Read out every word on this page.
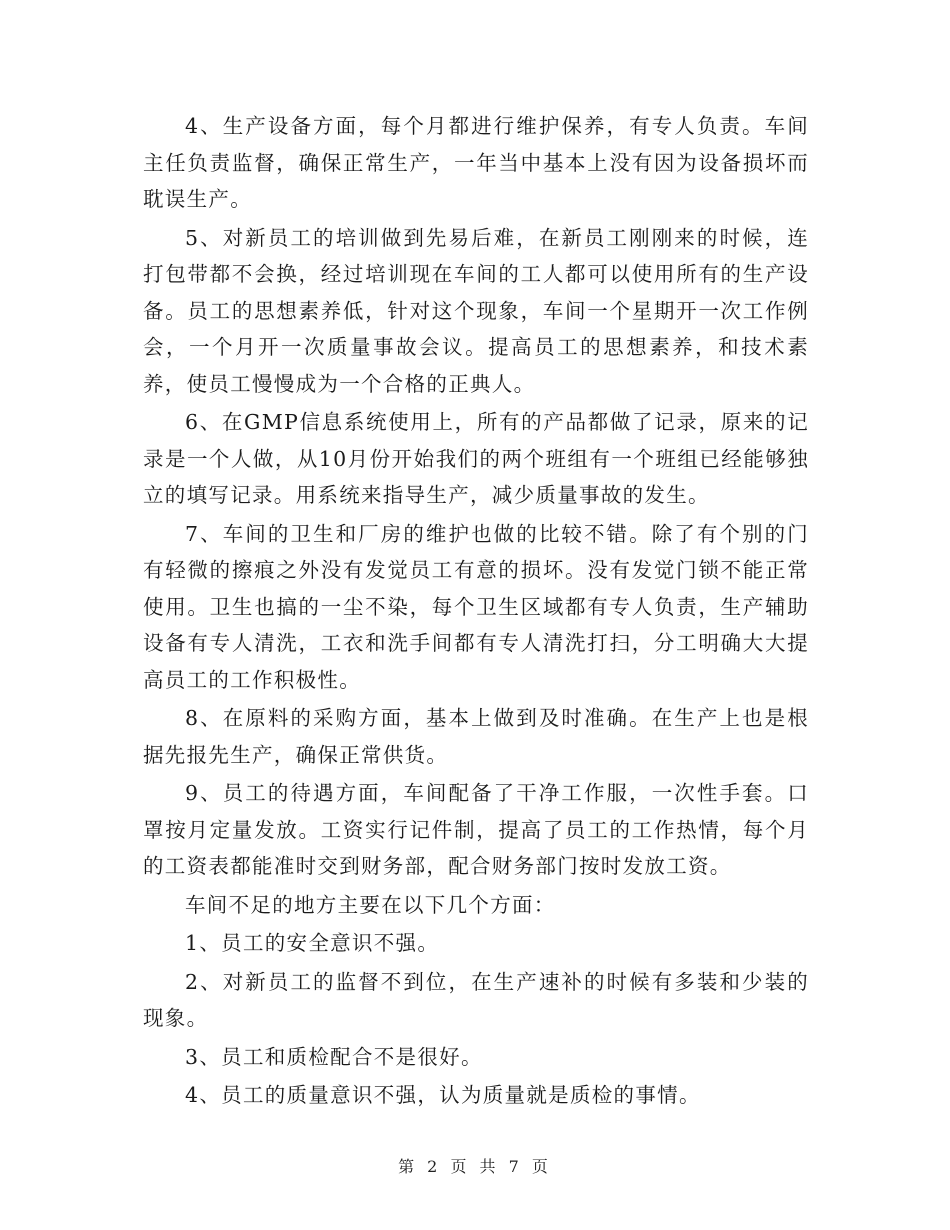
4、生产设备方面，每个月都进行维护保养，有专人负责。车间主任负责监督，确保正常生产，一年当中基本上没有因为设备损坏而耽误生产。

5、对新员工的培训做到先易后难，在新员工刚刚来的时候，连打包带都不会换，经过培训现在车间的工人都可以使用所有的生产设备。员工的思想素养低，针对这个现象，车间一个星期开一次工作例会，一个月开一次质量事故会议。提高员工的思想素养，和技术素养，使员工慢慢成为一个合格的正典人。

6、在GMP信息系统使用上，所有的产品都做了记录，原来的记录是一个人做，从10月份开始我们的两个班组有一个班组已经能够独立的填写记录。用系统来指导生产，减少质量事故的发生。

7、车间的卫生和厂房的维护也做的比较不错。除了有个别的门有轻微的擦痕之外没有发觉员工有意的损坏。没有发觉门锁不能正常使用。卫生也搞的一尘不染，每个卫生区域都有专人负责，生产辅助设备有专人清洗，工衣和洗手间都有专人清洗打扫，分工明确大大提高员工的工作积极性。

8、在原料的采购方面，基本上做到及时准确。在生产上也是根据先报先生产，确保正常供货。

9、员工的待遇方面，车间配备了干净工作服，一次性手套。口罩按月定量发放。工资实行记件制，提高了员工的工作热情，每个月的工资表都能准时交到财务部，配合财务部门按时发放工资。

车间不足的地方主要在以下几个方面：

1、员工的安全意识不强。

2、对新员工的监督不到位，在生产速补的时候有多装和少装的现象。

3、员工和质检配合不是很好。

4、员工的质量意识不强，认为质量就是质检的事情。

第 2 页 共 7 页
